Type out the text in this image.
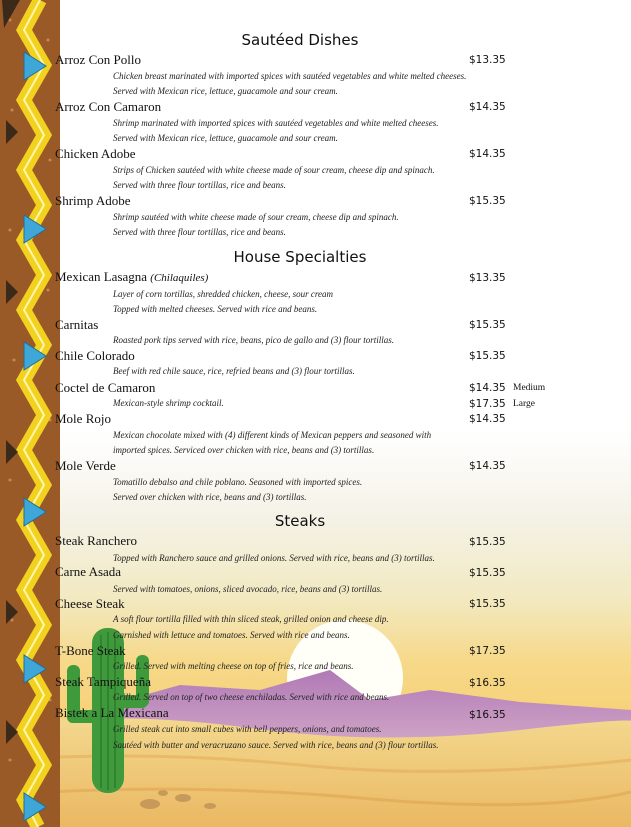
Sautéed Dishes
Arroz Con Pollo	$13.35
Chicken breast marinated with imported spices with sautéed vegetables and white melted cheeses.
Served with Mexican rice, lettuce, guacamole and sour cream.
Arroz Con Camaron	$14.35
Shrimp marinated with imported spices with sautéed vegetables and white melted cheeses.
Served with Mexican rice, lettuce, guacamole and sour cream.
Chicken Adobe	$14.35
Strips of Chicken sautéed with white cheese made of sour cream, cheese dip and spinach.
Served with three flour tortillas, rice and beans.
Shrimp Adobe	$15.35
Shrimp sautéed with white cheese made of sour cream, cheese dip and spinach.
Served with three flour tortillas, rice and beans.
House Specialties
Mexican Lasagna (Chilaquiles)	$13.35
Layer of corn tortillas, shredded chicken, cheese, sour cream
Topped with melted cheeses. Served with rice and beans.
Carnitas	$15.35
Roasted pork tips served with rice, beans, pico de gallo and (3) flour tortillas.
Chile Colorado	$15.35
Beef with red chile sauce, rice, refried beans and (3) flour tortillas.
Coctel de Camaron	$14.35 Medium
Mexican-style shrimp cocktail.	$17.35 Large
Mole Rojo	$14.35
Mexican chocolate mixed with (4) different kinds of Mexican peppers and seasoned with
imported spices. Serviced over chicken with rice, beans and (3) tortillas.
Mole Verde	$14.35
Tomatillo debalso and chile poblano. Seasoned with imported spices.
Served over chicken with rice, beans and (3) tortillas.
Steaks
Steak Ranchero	$15.35
Topped with Ranchero sauce and grilled onions. Served with rice, beans and (3) tortillas.
Carne Asada	$15.35
Served with tomatoes, onions, sliced avocado, rice, beans and (3) tortillas.
Cheese Steak	$15.35
A soft flour tortilla filled with thin sliced steak, grilled onion and cheese dip.
Garnished with lettuce and tomatoes. Served with rice and beans.
T-Bone Steak	$17.35
Grilled. Served with melting cheese on top of fries, rice and beans.
Steak Tampiqueña	$16.35
Grilled. Served on top of two cheese enchiladas. Served with rice and beans.
Bistek a La Mexicana	$16.35
Grilled steak cut into small cubes with bell peppers, onions, and tomatoes.
Sautéed with butter and veracruzano sauce. Served with rice, beans and (3) flour tortillas.
